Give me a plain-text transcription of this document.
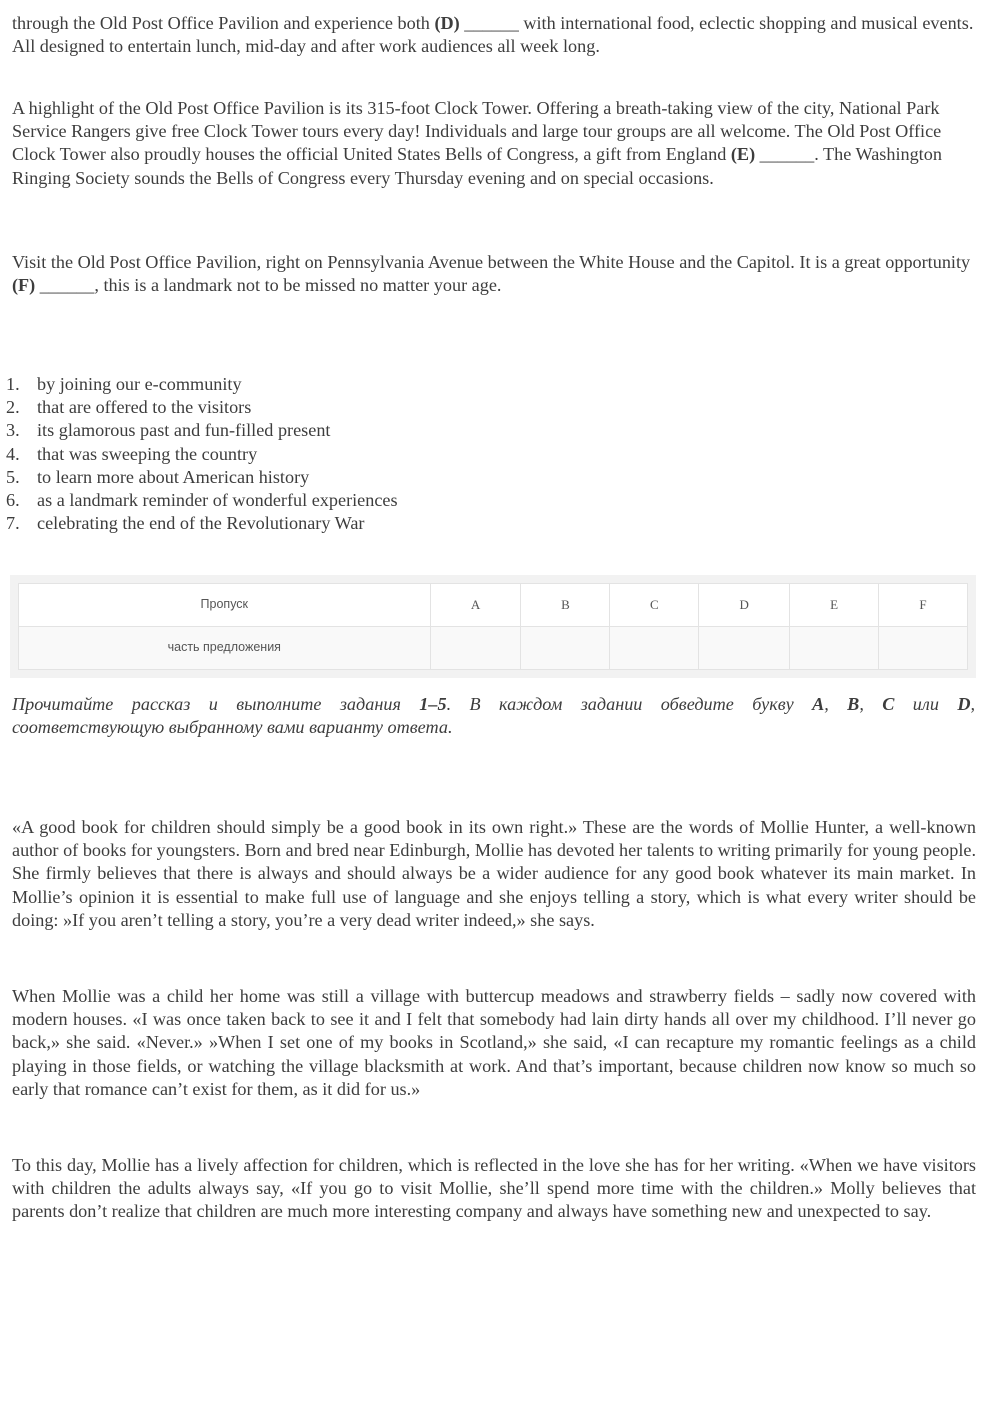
through the Old Post Office Pavilion and experience both (D) ______ with international food, eclectic shopping and musical events. All designed to entertain lunch, mid-day and after work audiences all week long.

A highlight of the Old Post Office Pavilion is its 315-foot Clock Tower. Offering a breath-taking view of the city, National Park Service Rangers give free Clock Tower tours every day! Individuals and large tour groups are all welcome. The Old Post Office Clock Tower also proudly houses the official United States Bells of Congress, a gift from England (E) ______. The Washington Ringing Society sounds the Bells of Congress every Thursday evening and on special occasions.

Visit the Old Post Office Pavilion, right on Pennsylvania Avenue between the White House and the Capitol. It is a great opportunity (F) ______, this is a landmark not to be missed no matter your age.

1. by joining our e-community
2. that are offered to the visitors
3. its glamorous past and fun-filled present
4. that was sweeping the country
5. to learn more about American history
6. as a landmark reminder of wonderful experiences
7. celebrating the end of the Revolutionary War
Пропуск	A	B	C	D	E	F
часть предложения						

Прочитайте рассказ и выполните задания 1–5. В каждом задании обведите букву A, B, C или D,

соответствующую выбранному вами варианту ответа.

«A good book for children should simply be a good book in its own right.» These are the words of Mollie Hunter, a well-known author of books for youngsters. Born and bred near Edinburgh, Mollie has devoted her talents to writing primarily for young people. She firmly believes that there is always and should always be a wider audience for any good book whatever its main market. In Mollie’s opinion it is essential to make full use of language and she enjoys telling a story, which is what every writer should be doing: »If you aren’t telling a story, you’re a very dead writer indeed,» she says.

When Mollie was a child her home was still a village with buttercup meadows and strawberry fields – sadly now covered with modern houses. «I was once taken back to see it and I felt that somebody had lain dirty hands all over my childhood. I’ll never go back,» she said. «Never.» »When I set one of my books in Scotland,» she said, «I can recapture my romantic feelings as a child playing in those fields, or watching the village blacksmith at work. And that’s important, because children now know so much so early that romance can’t exist for them, as it did for us.»

To this day, Mollie has a lively affection for children, which is reflected in the love she has for her writing. «When we have visitors with children the adults always say, «If you go to visit Mollie, she’ll spend more time with the children.» Molly believes that parents don’t realize that children are much more interesting company and always have something new and unexpected to say.
